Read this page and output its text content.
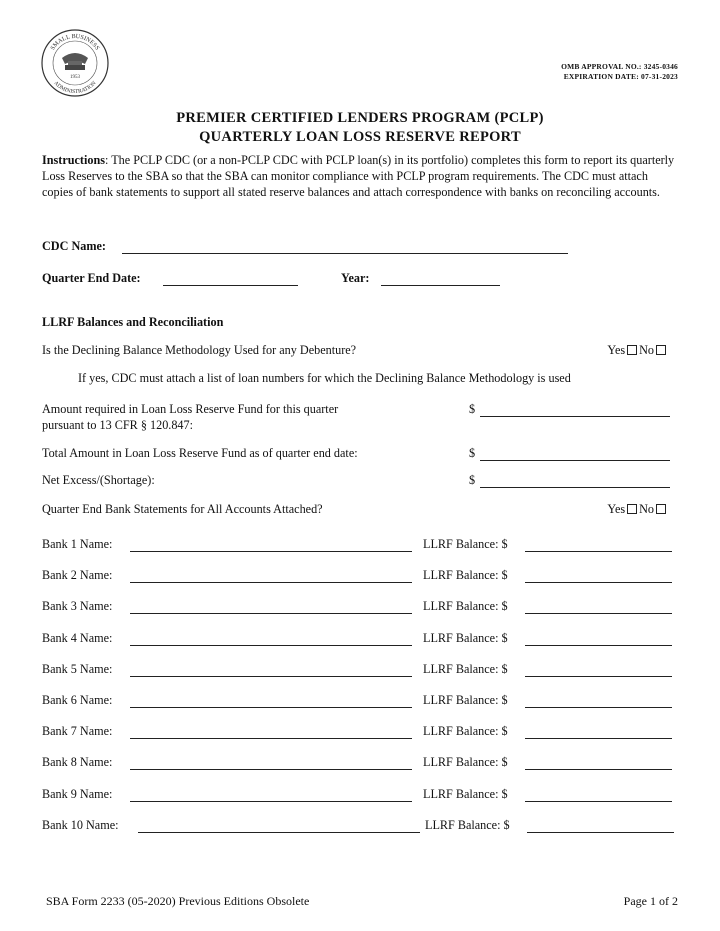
SMALL BUSINESS
ADMINISTRATION
1953
OMB APPROVAL NO.: 3245-0346
EXPIRATION DATE: 07-31-2023
PREMIER CERTIFIED LENDERS PROGRAM (PCLP)
QUARTERLY LOAN LOSS RESERVE REPORT
Instructions: The PCLP CDC (or a non-PCLP CDC with PCLP loan(s) in its portfolio) completes this form to report its quarterly Loss Reserves to the SBA so that the SBA can monitor compliance with PCLP program requirements. The CDC must attach copies of bank statements to support all stated reserve balances and attach correspondence with banks on reconciling accounts.
CDC Name:
Quarter End Date:	Year:
LLRF Balances and Reconciliation
Is the Declining Balance Methodology Used for any Debenture?	Yes No
If yes, CDC must attach a list of loan numbers for which the Declining Balance Methodology is used
Amount required in Loan Loss Reserve Fund for this quarter
pursuant to 13 CFR § 120.847:
$
Total Amount in Loan Loss Reserve Fund as of quarter end date:	$
Net Excess/(Shortage):	$
Quarter End Bank Statements for All Accounts Attached?	Yes No
Bank 1 Name:	LLRF Balance: $
Bank 2 Name:	LLRF Balance: $
Bank 3 Name:	LLRF Balance: $
Bank 4 Name:	LLRF Balance: $
Bank 5 Name:	LLRF Balance: $
Bank 6 Name:	LLRF Balance: $
Bank 7 Name:	LLRF Balance: $
Bank 8 Name:	LLRF Balance: $
Bank 9 Name:	LLRF Balance: $
Bank 10 Name:	LLRF Balance: $
SBA Form 2233 (05-2020) Previous Editions Obsolete	Page 1 of 2
